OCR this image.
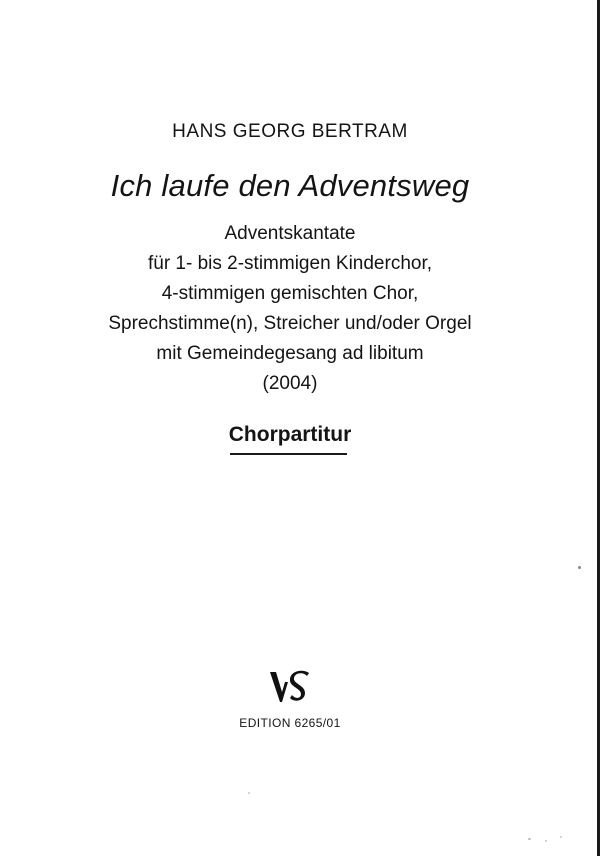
HANS GEORG BERTRAM
Ich laufe den Adventsweg
Adventskantate
für 1- bis 2-stimmigen Kinderchor,
4-stimmigen gemischten Chor,
Sprechstimme(n), Streicher und/oder Orgel
mit Gemeindegesang ad libitum
(2004)
Chorpartitur
EDITION 6265/01
